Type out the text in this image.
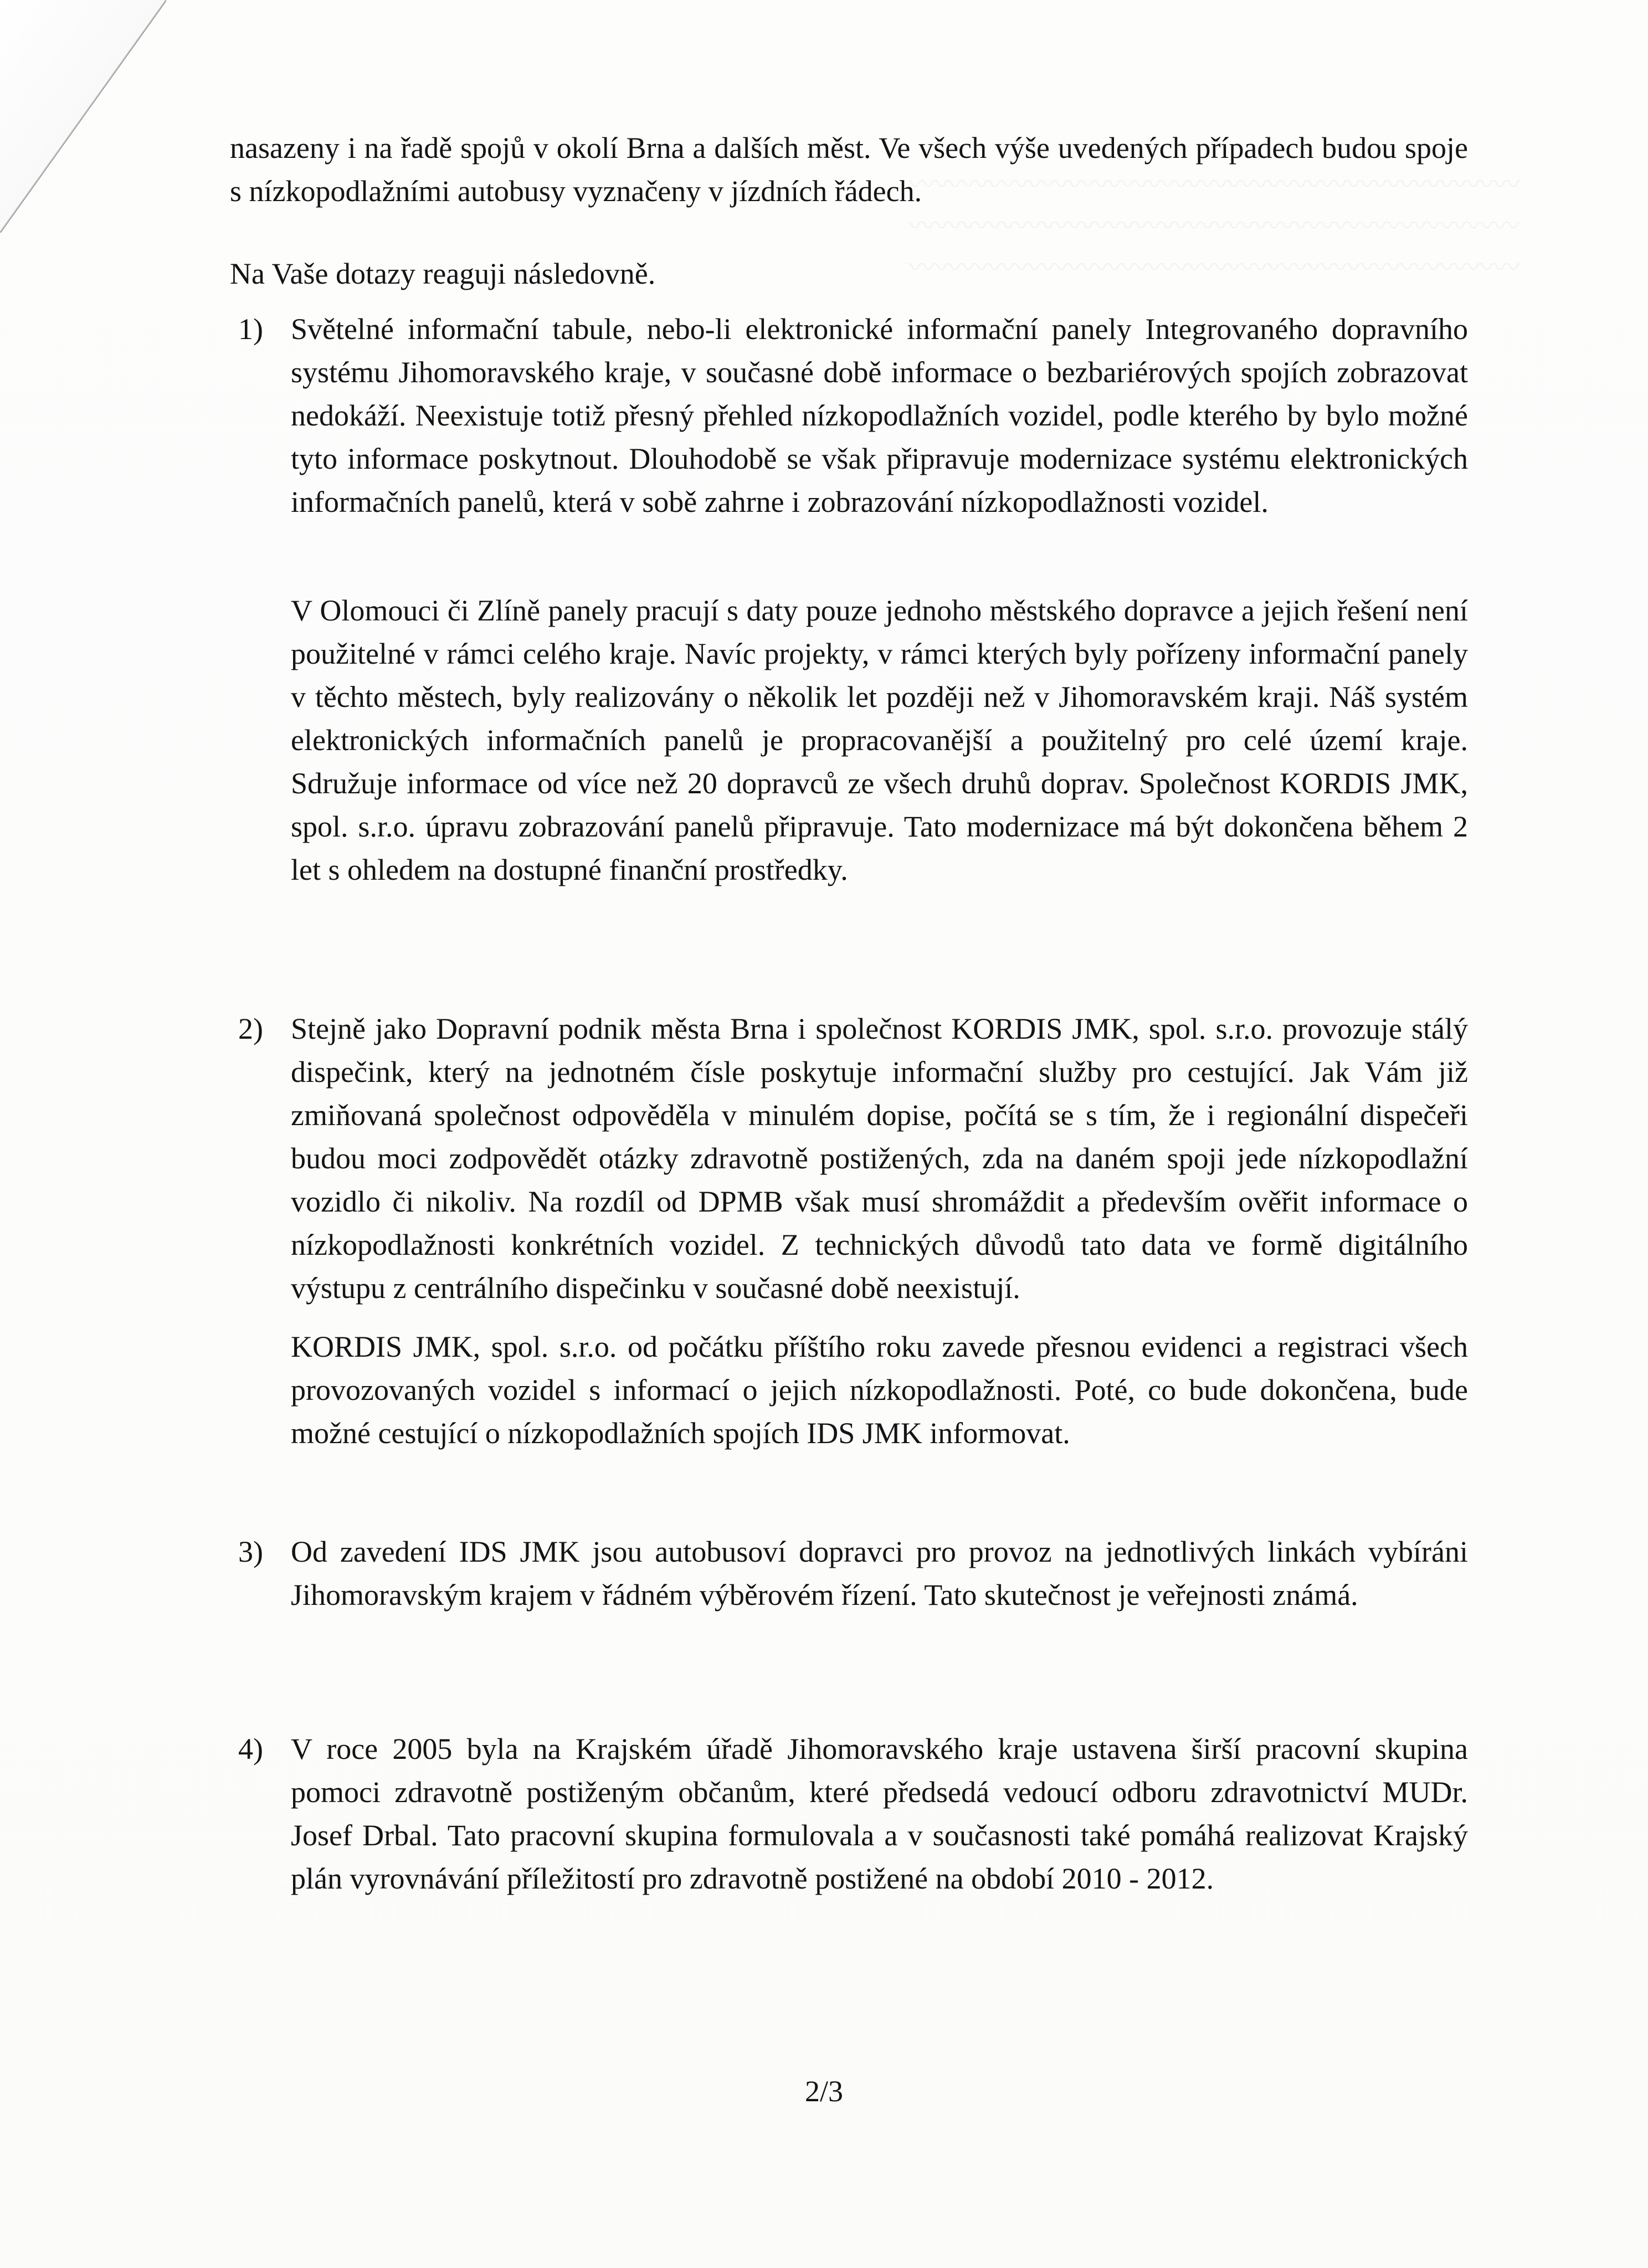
〰〰〰〰〰〰〰〰〰〰〰〰〰〰〰〰〰〰〰〰〰〰〰
〰〰〰〰〰〰〰〰〰〰〰〰〰〰〰〰〰〰〰〰〰〰〰
〰〰〰〰〰〰〰〰〰〰〰〰〰〰〰〰〰〰〰〰〰〰〰

nasazeny i na řadě spojů v okolí Brna a dalších měst. Ve všech výše uvedených případech budou spoje s nízkopodlažními autobusy vyznačeny v jízdních řádech.

Na Vaše dotazy reaguji následovně.

1) Světelné informační tabule, nebo-li elektronické informační panely Integrovaného dopravního systému Jihomoravského kraje, v současné době informace o bezbariérových spojích zobrazovat nedokáží. Neexistuje totiž přesný přehled nízkopodlažních vozidel, podle kterého by bylo možné tyto informace poskytnout. Dlouhodobě se však připravuje modernizace systému elektronických informačních panelů, která v sobě zahrne i zobrazování nízkopodlažnosti vozidel.

V Olomouci či Zlíně panely pracují s daty pouze jednoho městského dopravce a jejich řešení není použitelné v rámci celého kraje. Navíc projekty, v rámci kterých byly pořízeny informační panely v těchto městech, byly realizovány o několik let později než v Jihomoravském kraji. Náš systém elektronických informačních panelů je propracovanější a použitelný pro celé území kraje. Sdružuje informace od více než 20 dopravců ze všech druhů doprav. Společnost KORDIS JMK, spol. s.r.o. úpravu zobrazování panelů připravuje. Tato modernizace má být dokončena během 2 let s ohledem na dostupné finanční prostředky.

2) Stejně jako Dopravní podnik města Brna i společnost KORDIS JMK, spol. s.r.o. provozuje stálý dispečink, který na jednotném čísle poskytuje informační služby pro cestující. Jak Vám již zmiňovaná společnost odpověděla v minulém dopise, počítá se s tím, že i regionální dispečeři budou moci zodpovědět otázky zdravotně postižených, zda na daném spoji jede nízkopodlažní vozidlo či nikoliv. Na rozdíl od DPMB však musí shromáždit a především ověřit informace o nízkopodlažnosti konkrétních vozidel. Z technických důvodů tato data ve formě digitálního výstupu z centrálního dispečinku v současné době neexistují.

KORDIS JMK, spol. s.r.o. od počátku příštího roku zavede přesnou evidenci a registraci všech provozovaných vozidel s informací o jejich nízkopodlažnosti. Poté, co bude dokončena, bude možné cestující o nízkopodlažních spojích IDS JMK informovat.

3) Od zavedení IDS JMK jsou autobusoví dopravci pro provoz na jednotlivých linkách vybíráni Jihomoravským krajem v řádném výběrovém řízení. Tato skutečnost je veřejnosti známá.

4) V roce 2005 byla na Krajském úřadě Jihomoravského kraje ustavena širší pracovní skupina pomoci zdravotně postiženým občanům, které předsedá vedoucí odboru zdravotnictví MUDr. Josef Drbal. Tato pracovní skupina formulovala a v současnosti také pomáhá realizovat Krajský plán vyrovnávání příležitostí pro zdravotně postižené na období 2010 - 2012.

2/3
